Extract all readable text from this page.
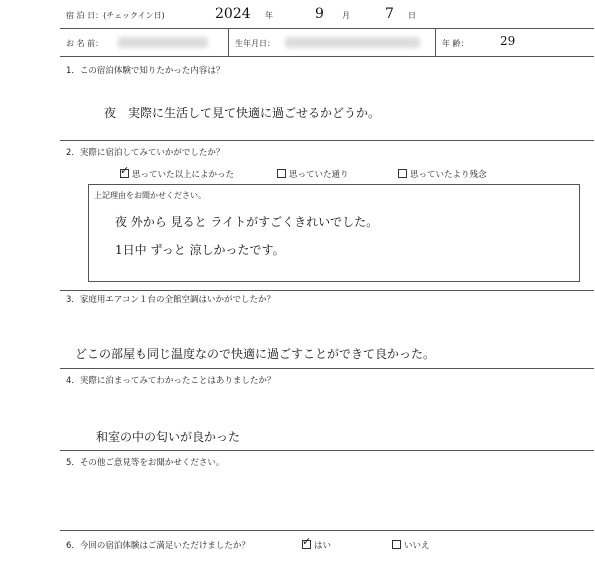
宿 泊 日：(チェックイン日)	2024 年	9 月	7 日
お 名 前：	生年月日：	年 齢：	29
1．この宿泊体験で知りたかった内容は？
夜　実際に生活して見て快適に過ごせるかどうか。
2．実際に宿泊してみていかがでしたか？
✓ 思っていた以上によかった	思っていた通り	思っていたより残念
上記理由をお聞かせください。
夜 外から 見ると ライトがすごくきれいでした。
1日中 ずっと 涼しかったです。
3．家庭用エアコン１台の全館空調はいかがでしたか？
どこの部屋も同じ温度なので快適に過ごすことができて良かった。
4．実際に泊まってみてわかったことはありましたか？
和室の中の匂いが良かった
5．その他ご意見等をお聞かせください。
6．今回の宿泊体験はご満足いただけましたか？	✓ はい	いいえ
